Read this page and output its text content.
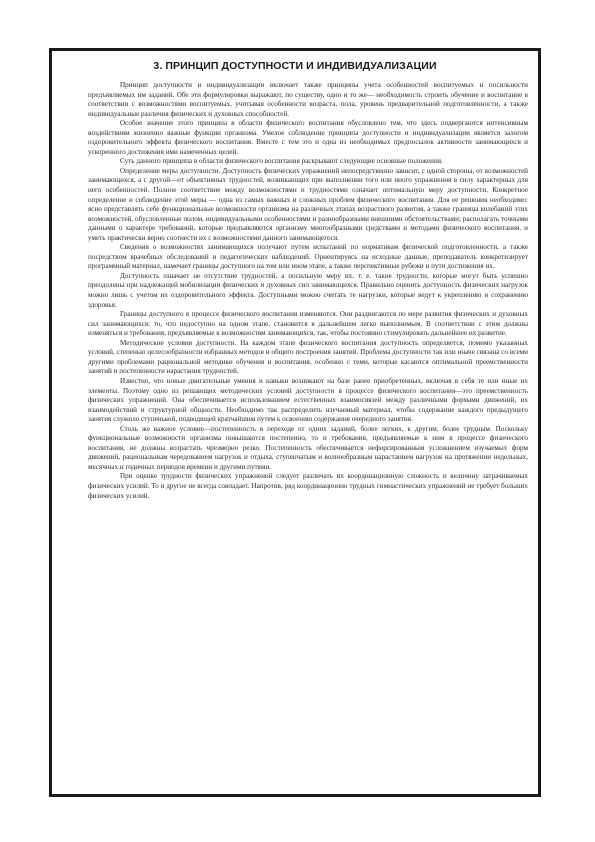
3. ПРИНЦИП ДОСТУПНОСТИ И ИНДИВИДУАЛИЗАЦИИ

Принцип доступности и индивидуализации включает также принципы учета особенностей воспитуемых и посильности предъявляемых им заданий. Обе эти формулировки выражают, по существу, одно и то же— необходимость строить обучение и воспитание в соответствии с возможностями воспитуемых, учитывая особенности возраста, пола, уровень предварительной подготовленности, а также индивидуальные различия физических и духовных способностей.

Особое значение этого принципа в области физического воспитания обусловлено тем, что здесь подвергаются интенсивным воздействиям жизненно важные функции организма. Умелое соблюдение принципа доступности и индивидуализации является залогом оздоровительного эффекта физического воспитания. Вместе с тем это и одна из необходимых предпосылок активности занимающихся и ускоренного достижения ими намеченных целей.

Суть данного принципа в области физического воспитания раскрывают следующие основные положения.

Определение меры доступности. Доступность физических упражнений непосредственно зависит, с одной стороны, от возможностей занимающихся, а с другой—от объективных трудностей, возникающих при выполнении того или иного упражнения в силу характерных для него особенностей. Полное соответствие между возможностями и трудностями означает оптимальную меру доступности. Конкретное определение и соблюдение этой меры — одна из самых важных и сложных проблем физического воспитания. Для ее решения необходимо: ясно представлять себе функциональные возможности организма на различных этапах возрастного развития, а также границы колебаний этих возможностей, обусловленные полом, индивидуальными особенностями и разнообразными внешними обстоятельствами; располагать точными данными о характере требований, которые предъявляются организму многообразными средствами и методами физического воспитания, и уметь практически верно соотнести их с возможностями данного занимающегося.

Сведения о возможностях занимающихся получают путем испытаний по нормативам физической подготовленности, а также посредством врачебных обследований и педагогических наблюдений. Ориентируясь на исходные данные, преподаватель конкретизирует программный материал, намечает границы доступного на том или ином этапе, а также перспективные рубежи и пути достижения их.

Доступность означает не отсутствие трудностей, а посильную меру их, т. е. такие трудности, которые могут быть успешно преодолены при надлежащей мобилизации физических и духовных сил занимающихся. Правильно оценить доступность физических нагрузок можно лишь с учетом их оздоровительного эффекта. Доступными можно считать те нагрузки, которые ведут к укреплению и сохранению здоровья.

Границы доступного в процессе физического воспитания изменяются. Они раздвигаются по мере развития физических и духовных сил занимающихся: то, что недоступно на одном этапе, становится в дальнейшем легко выполнимым. В соответствии с этим должны изменяться и требования, предъявляемые к возможностям занимающихся, так, чтобы постоянно стимулировать дальнейшее их развитие.

Методические условия доступности. На каждом этапе физического воспитания доступность определяется, помимо указанных условий, степенью целесообразности избранных методов и общего построения занятий. Проблема доступности так или иначе связана со всеми другими проблемами рациональной методики обучения и воспитания, особенно с теми, которые касаются оптимальной преемственности занятий и постепенности нарастания трудностей.

Известно, что новые двигательные умения и навыки возникают на базе ранее приобретенных, включая в себя те или иные их элементы. Поэтому одно из решающих методических условий доступности в процессе физического воспитания—это преемственность физических упражнений. Она обеспечивается использованием естественных взаимосвязей между различными формами движений, их взаимодействий и структурной общности. Необходимо так распределить изучаемый материал, чтобы содержание каждого предыдущего занятия служило ступенькой, подводящей кратчайшим путем к освоению содержания очередного занятия.

Столь же важное условие—постепенность в переходе от одних заданий, более легких, к другим, более трудным. Поскольку функциональные возможности организма повышаются постепенно, то и требования, предъявляемые к ним в процессе физического воспитания, не должны возрастать чрезмерно резко. Постепенность обеспечивается нефорсированным усложнением изучаемых форм движений, рациональным чередованием нагрузок и отдыха, ступенчатым и волнообразным нарастанием нагрузок на протяжении недельных, месячных и годичных периодов времени и другими путями.

При оценке трудности физических упражнений следует различать их координационную сложность и величину затрачиваемых физических усилий. То и другое не всегда совпадает. Напротив, ряд координационно трудных гимнастических упражнений не требует больших физических усилий.
